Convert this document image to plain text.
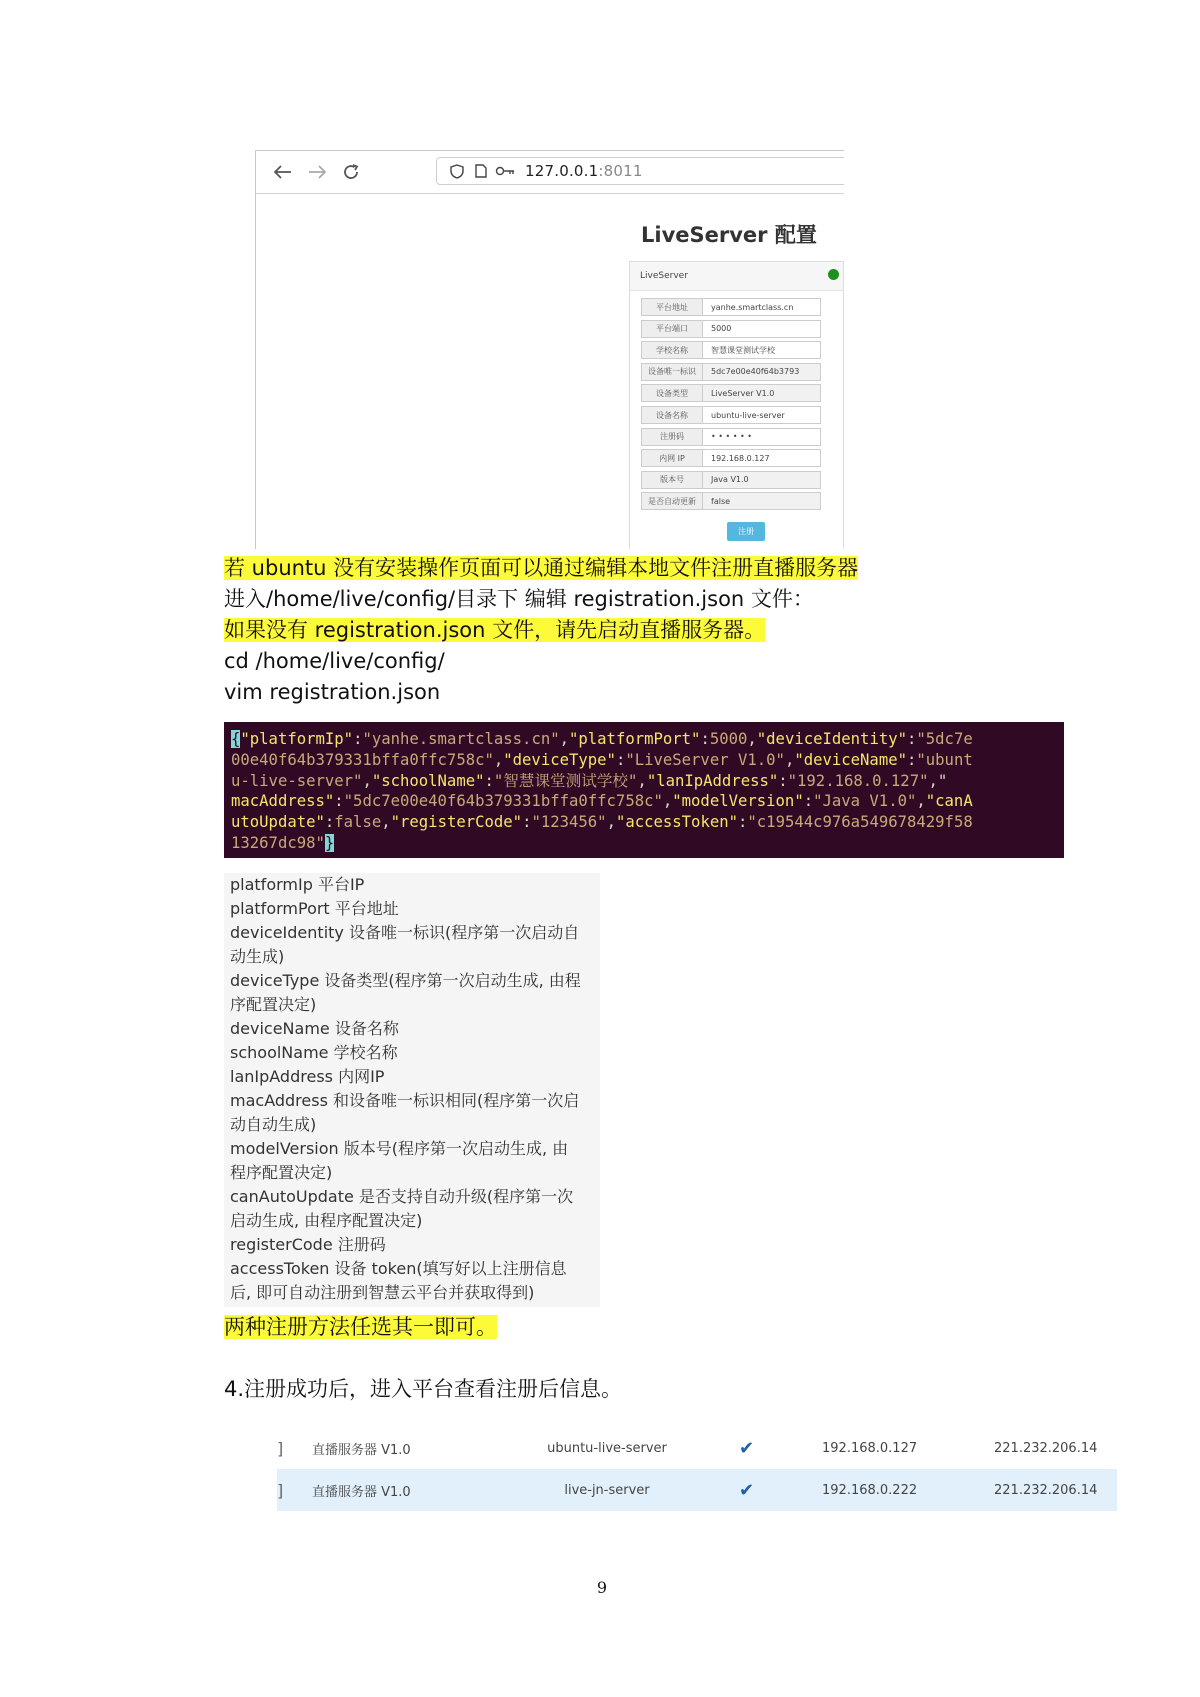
127.0.0.1:8011
LiveServer 配置
LiveServer
平台地址	yanhe.smartclass.cn
平台端口	5000
学校名称	智慧课堂测试学校
设备唯一标识	5dc7e00e40f64b3793
设备类型	LiveServer V1.0
设备名称	ubuntu-live-server
注册码	• • • • • •
内网 IP	192.168.0.127
版本号	Java V1.0
是否自动更新	false
注册
若 ubuntu 没有安装操作页面可以通过编辑本地文件注册直播服务器
进入/home/live/config/目录下 编辑 registration.json 文件：
如果没有 registration.json 文件，请先启动直播服务器。
cd /home/live/config/
vim registration.json
{"platformIp":"yanhe.smartclass.cn","platformPort":5000,"deviceIdentity":"5dc7e
00e40f64b379331bffa0ffc758c","deviceType":"LiveServer V1.0","deviceName":"ubunt
u-live-server","schoolName":"智慧课堂测试学校","lanIpAddress":"192.168.0.127","
macAddress":"5dc7e00e40f64b379331bffa0ffc758c","modelVersion":"Java V1.0","canA
utoUpdate":false,"registerCode":"123456","accessToken":"c19544c976a549678429f58
13267dc98"}
platformIp 平台IP
platformPort 平台地址
deviceIdentity 设备唯一标识(程序第一次启动自
动生成)
deviceType 设备类型(程序第一次启动生成, 由程
序配置决定)
deviceName 设备名称
schoolName 学校名称
lanIpAddress 内网IP
macAddress 和设备唯一标识相同(程序第一次启
动自动生成)
modelVersion 版本号(程序第一次启动生成, 由
程序配置决定)
canAutoUpdate 是否支持自动升级(程序第一次
启动生成, 由程序配置决定)
registerCode 注册码
accessToken 设备 token(填写好以上注册信息
后, 即可自动注册到智慧云平台并获取得到)
两种注册方法任选其一即可。
4.注册成功后，进入平台查看注册后信息。
] 直播服务器 V1.0	ubuntu-live-server	✔	192.168.0.127	221.232.206.14
] 直播服务器 V1.0	live-jn-server	✔	192.168.0.222	221.232.206.14
9
